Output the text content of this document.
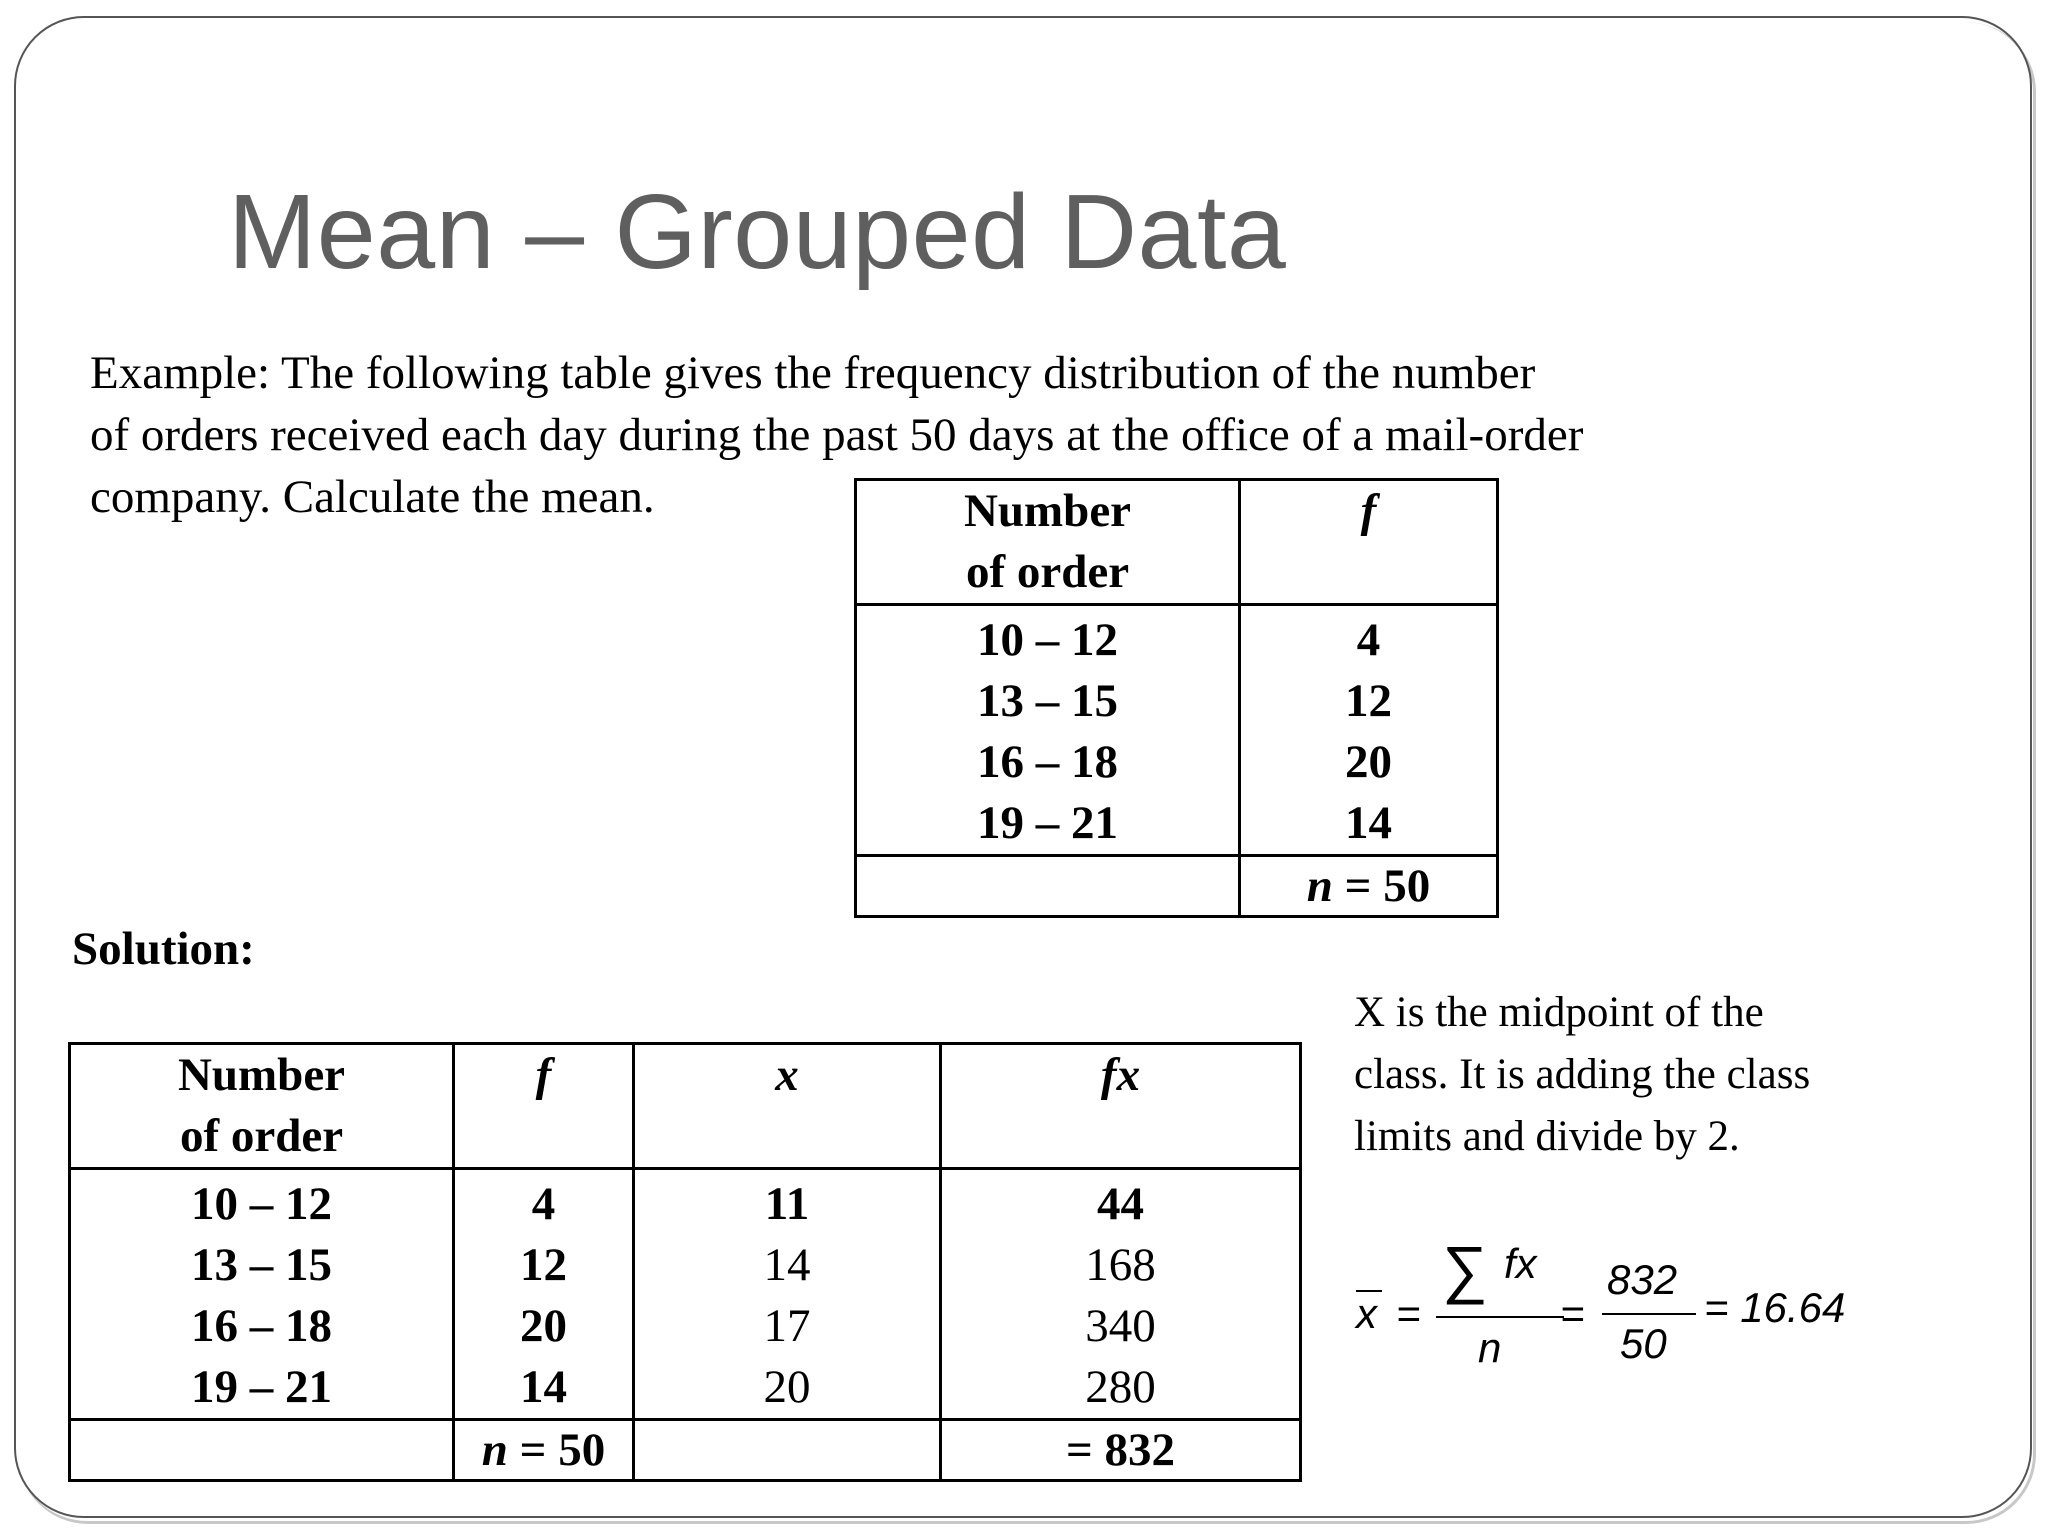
Mean – Grouped Data

Example: The following table gives the frequency distribution of the number
of orders received each day during the past 50 days at the office of a mail-order
company. Calculate the mean.	Number
of order	f
10 – 12	4
13 – 15	12
16 – 18	20
19 – 21	14
	n = 50
Solution:
Number
of order	f	x	fx
10 – 12	4	11	44
13 – 15	12	14	168
16 – 18	20	17	340
19 – 21	14	20	280
	n = 50		= 832

X is the midpoint of the
class. It is adding the class
limits and divide by 2.

x =
∑ fx
n
=
832
50
= 16.64
